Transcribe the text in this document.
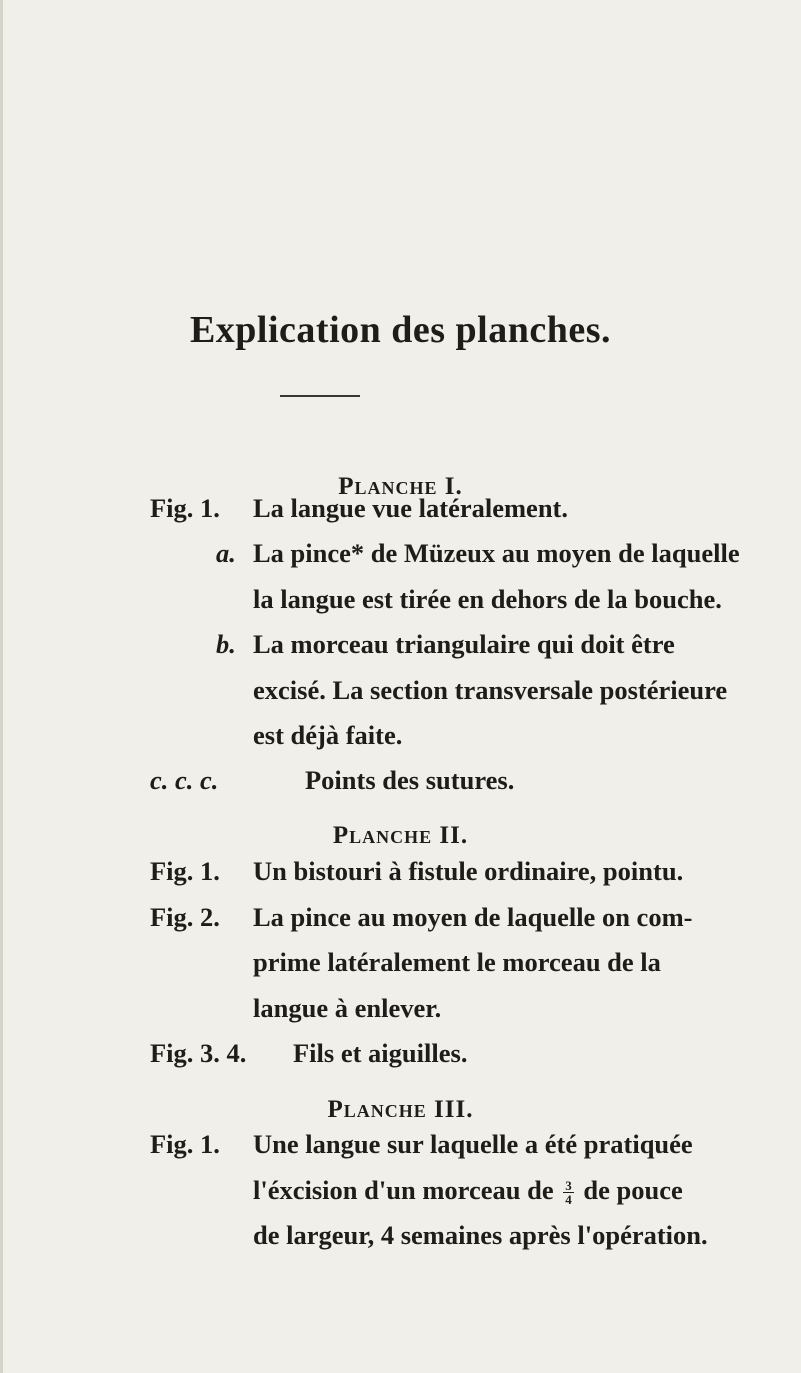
Explication des planches.
Planche I.
Fig. 1. La langue vue latéralement.
a. La pince* de Müzeux au moyen de laquelle
la langue est tirée en dehors de la bouche.
b. La morceau triangulaire qui doit être
excisé. La section transversale postérieure
est déjà faite.
c. c. c.	Points des sutures.
Planche II.
Fig. 1. Un bistouri à fistule ordinaire, pointu.
Fig. 2. La pince au moyen de laquelle on com-
prime latéralement le morceau de la
langue à enlever.
Fig. 3. 4. Fils et aiguilles.
Planche III.
Fig. 1. Une langue sur laquelle a été pratiquée
l'éxcision d'un morceau de $\frac{3}{4}$ de pouce
de largeur, 4 semaines après l'opération.
